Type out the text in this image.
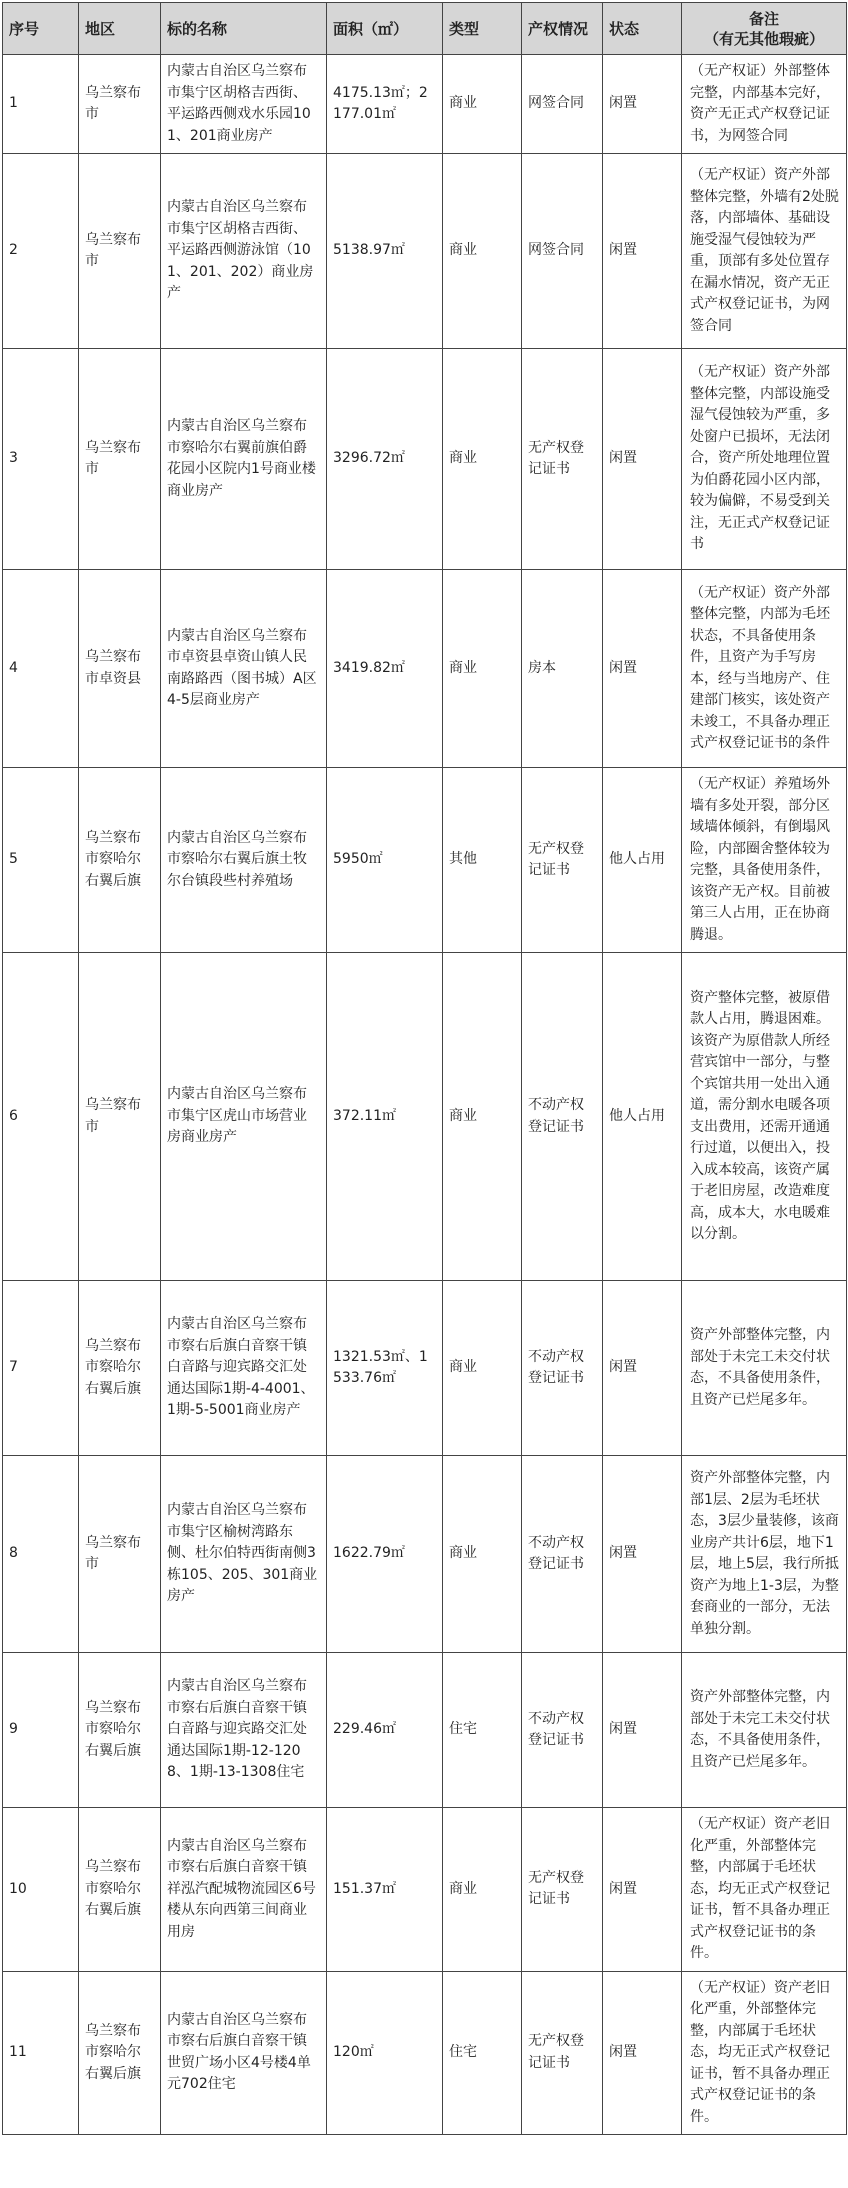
序号	地区	标的名称	面积（㎡）	类型	产权情况	状态	备注
（有无其他瑕疵）

1	乌兰察布市	内蒙古自治区乌兰察布市集宁区胡格吉西街、平运路西侧戏水乐园101、201商业房产	4175.13㎡；2177.01㎡	商业	网签合同	闲置	（无产权证）外部整体完整，内部基本完好，资产无正式产权登记证书，为网签合同
2	乌兰察布市	内蒙古自治区乌兰察布市集宁区胡格吉西街、平运路西侧游泳馆（101、201、202）商业房产	5138.97㎡	商业	网签合同	闲置	（无产权证）资产外部整体完整，外墙有2处脱落，内部墙体、基础设施受湿气侵蚀较为严重，顶部有多处位置存在漏水情况，资产无正式产权登记证书，为网签合同
3	乌兰察布市	内蒙古自治区乌兰察布市察哈尔右翼前旗伯爵花园小区院内1号商业楼商业房产	3296.72㎡	商业	无产权登记证书	闲置	（无产权证）资产外部整体完整，内部设施受湿气侵蚀较为严重，多处窗户已损坏，无法闭合，资产所处地理位置为伯爵花园小区内部，较为偏僻，不易受到关注，无正式产权登记证书
4	乌兰察布市卓资县	内蒙古自治区乌兰察布市卓资县卓资山镇人民南路路西（图书城）A区4-5层商业房产	3419.82㎡	商业	房本	闲置	（无产权证）资产外部整体完整，内部为毛坯状态，不具备使用条件，且资产为手写房本，经与当地房产、住建部门核实，该处资产未竣工，不具备办理正式产权登记证书的条件
5	乌兰察布市察哈尔右翼后旗	内蒙古自治区乌兰察布市察哈尔右翼后旗土牧尔台镇段些村养殖场	5950㎡	其他	无产权登记证书	他人占用	（无产权证）养殖场外墙有多处开裂，部分区域墙体倾斜，有倒塌风险，内部圈舍整体较为完整，具备使用条件，该资产无产权。目前被第三人占用，正在协商腾退。
6	乌兰察布市	内蒙古自治区乌兰察布市集宁区虎山市场营业房商业房产	372.11㎡	商业	不动产权登记证书	他人占用	资产整体完整，被原借款人占用，腾退困难。该资产为原借款人所经营宾馆中一部分，与整个宾馆共用一处出入通道，需分割水电暖各项支出费用，还需开通通行过道，以便出入，投入成本较高，该资产属于老旧房屋，改造难度高，成本大，水电暖难以分割。
7	乌兰察布市察哈尔右翼后旗	内蒙古自治区乌兰察布市察右后旗白音察干镇白音路与迎宾路交汇处通达国际1期-4-4001、1期-5-5001商业房产	1321.53㎡、1533.76㎡	商业	不动产权登记证书	闲置	资产外部整体完整，内部处于未完工未交付状态，不具备使用条件，且资产已烂尾多年。
8	乌兰察布市	内蒙古自治区乌兰察布市集宁区榆树湾路东侧、杜尔伯特西街南侧3栋105、205、301商业房产	1622.79㎡	商业	不动产权登记证书	闲置	资产外部整体完整，内部1层、2层为毛坯状态，3层少量装修，该商业房产共计6层，地下1层，地上5层，我行所抵资产为地上1-3层，为整套商业的一部分，无法单独分割。
9	乌兰察布市察哈尔右翼后旗	内蒙古自治区乌兰察布市察右后旗白音察干镇白音路与迎宾路交汇处通达国际1期-12-1208、1期-13-1308住宅	229.46㎡	住宅	不动产权登记证书	闲置	资产外部整体完整，内部处于未完工未交付状态，不具备使用条件，且资产已烂尾多年。
10	乌兰察布市察哈尔右翼后旗	内蒙古自治区乌兰察布市察右后旗白音察干镇祥泓汽配城物流园区6号楼从东向西第三间商业用房	151.37㎡	商业	无产权登记证书	闲置	（无产权证）资产老旧化严重，外部整体完整，内部属于毛坯状态，均无正式产权登记证书，暂不具备办理正式产权登记证书的条件。
11	乌兰察布市察哈尔右翼后旗	内蒙古自治区乌兰察布市察右后旗白音察干镇世贸广场小区4号楼4单元702住宅	120㎡	住宅	无产权登记证书	闲置	（无产权证）资产老旧化严重，外部整体完整，内部属于毛坯状态，均无正式产权登记证书，暂不具备办理正式产权登记证书的条件。
